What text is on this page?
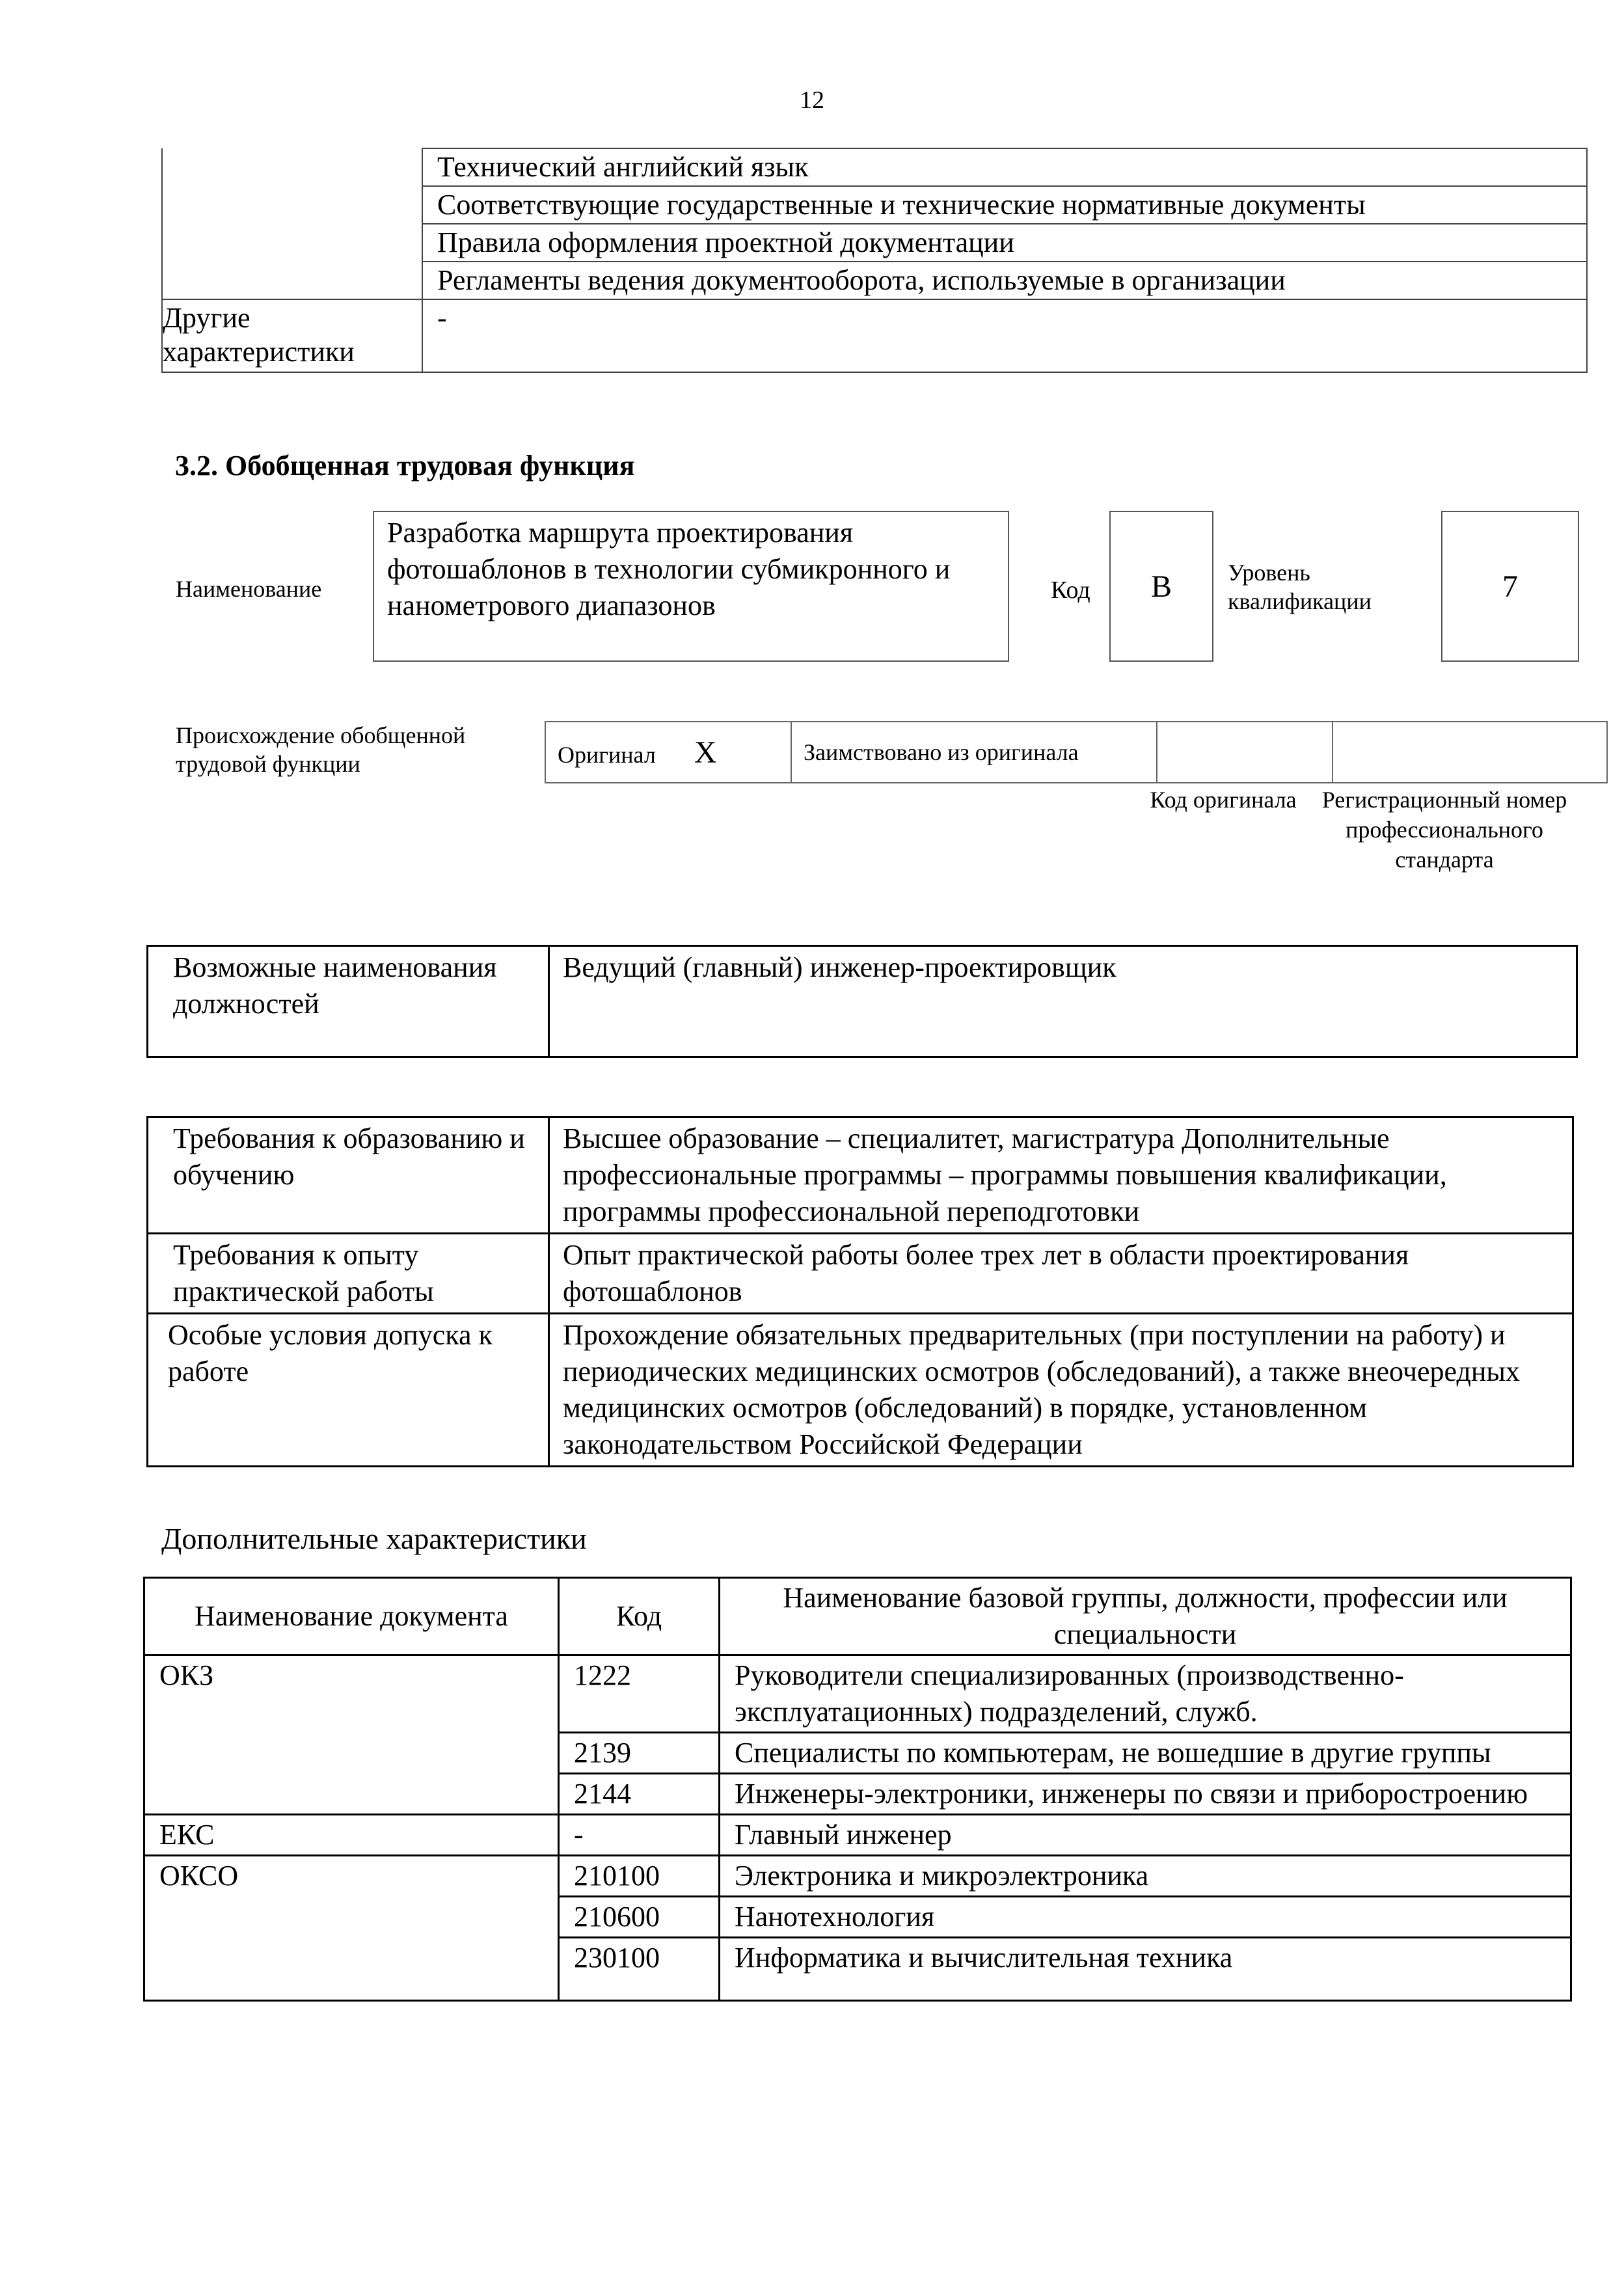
12
	Технический английский язык
	Соответствующие государственные и технические нормативные документы
	Правила оформления проектной документации
	Регламенты ведения документооборота, используемые в организации
Другие характеристики	-
3.2. Обобщенная трудовая функция
Наименование
Разработка маршрута проектирования фотошаблонов в технологии субмикронного и нанометрового диапазонов	Код B Уровень квалификации	7
Происхождение обобщенной трудовой функции	Оригинал X	Заимствовано из оригинала		
Код оригинала	Регистрационный номер профессионального стандарта
Возможные наименования должностей	Ведущий (главный) инженер-проектировщик
Требования к образованию и обучению	Высшее образование – специалитет, магистратура Дополнительные профессиональные программы – программы повышения квалификации, программы профессиональной переподготовки
Требования к опыту практической работы	Опыт практической работы более трех лет в области проектирования фотошаблонов
Особые условия допуска к работе	Прохождение обязательных предварительных (при поступлении на работу) и периодических медицинских осмотров (обследований), а также внеочередных медицинских осмотров (обследований) в порядке, установленном законодательством Российской Федерации
Дополнительные характеристики
Наименование документа	Код	Наименование базовой группы, должности, профессии или специальности
ОКЗ	1222	Руководители специализированных (производственно-эксплуатационных) подразделений, служб.
	2139	Специалисты по компьютерам, не вошедшие в другие группы
	2144	Инженеры-электроники, инженеры по связи и приборостроению
ЕКС	-	Главный инженер
ОКСО	210100	Электроника и микроэлектроника
	210600	Нанотехнология
	230100	Информатика и вычислительная техника
